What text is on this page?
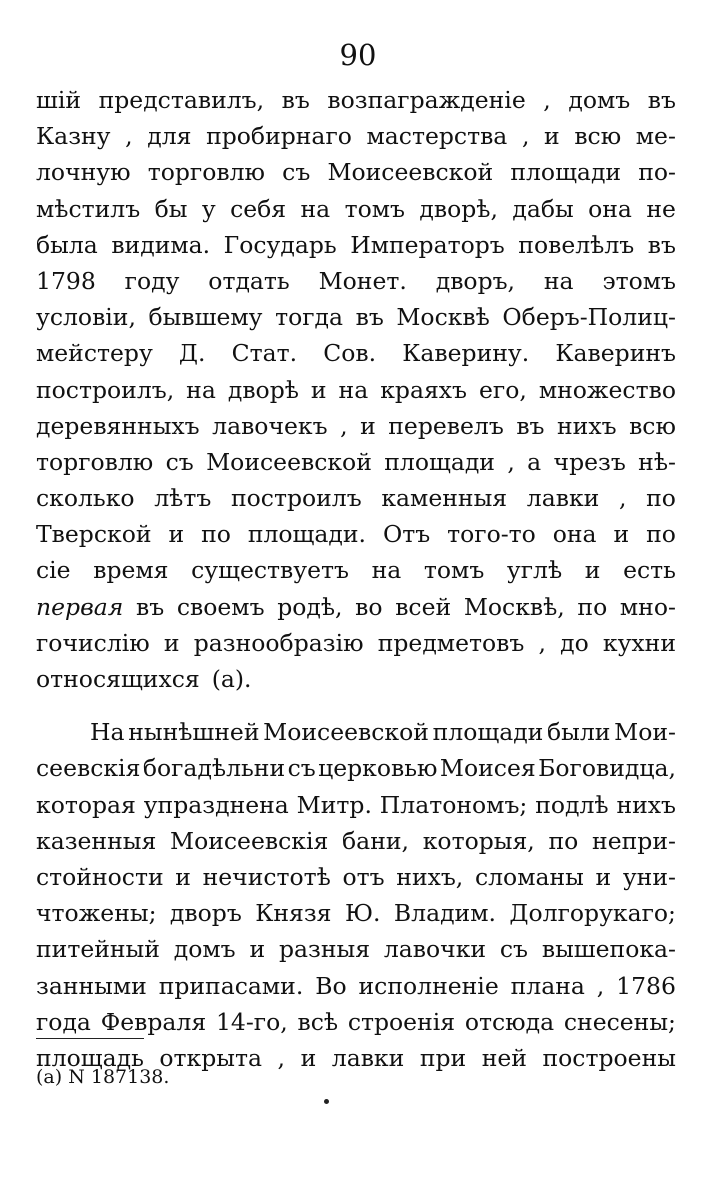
90
шій представилъ, въ возпагражденіе , домъ въ
Казну , для пробирнаго мастерства , и всю ме-
лочную торговлю съ Моисеевской площади по-
мѣстилъ бы у себя на томъ дворѣ, дабы она не
была видима. Государь Императоръ повелѣлъ въ
1798 году отдать Монет. дворъ, на этомъ
условіи, бывшему тогда въ Москвѣ Оберъ-Полиц-
мейстеру Д. Стат. Сов. Каверину. Каверинъ
построилъ, на дворѣ и на краяхъ его, множество
деревянныхъ лавочекъ , и перевелъ въ нихъ всю
торговлю съ Моисеевской площади , а чрезъ нѣ-
сколько лѣтъ построилъ каменныя лавки , по
Тверской и по площади. Отъ того-то она и по
сіе время существуетъ на томъ углѣ и есть
первая въ своемъ родѣ, во всей Москвѣ, по мно-
гочислію и разнообразію предметовъ , до кухни
относящихся (а).
На нынѣшней Моисеевской площади были Мои-
сеевскія богадѣльни съ церковью Моисея Боговидца,
которая упразднена Митр. Платономъ; подлѣ нихъ
казенныя Моисеевскія бани, которыя, по непри-
стойности и нечистотѣ отъ нихъ, сломаны и уни-
чтожены; дворъ Князя Ю. Владим. Долгорукаго;
питейный домъ и разныя лавочки съ вышепока-
занными припасами. Во исполненіе плана , 1786
года Февраля 14-го, всѣ строенія отсюда снесены;
площадь открыта , и лавки при ней построены
(а) N 187138.
